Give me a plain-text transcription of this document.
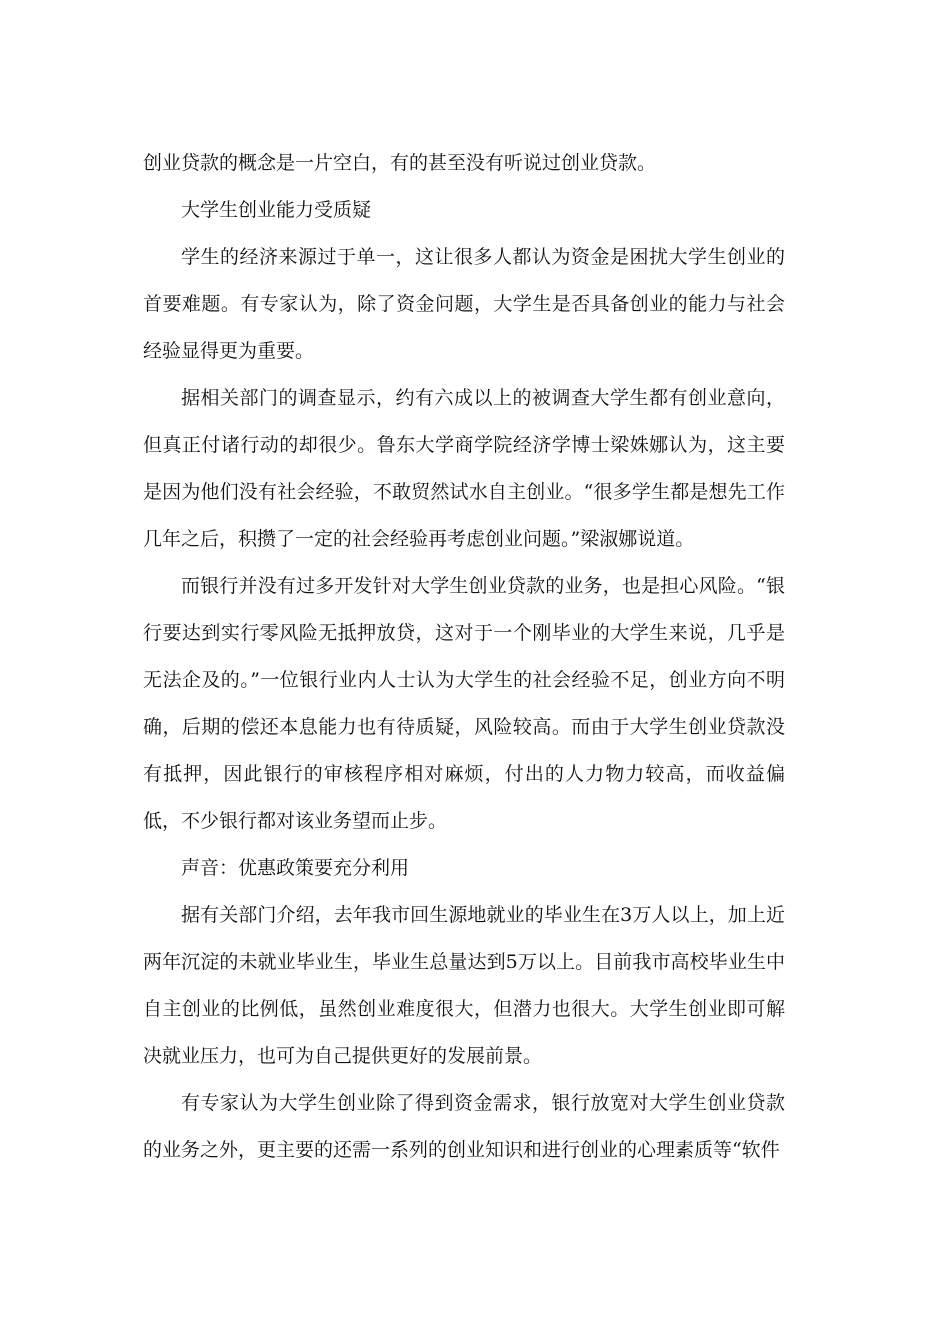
创业贷款的概念是一片空白，有的甚至没有听说过创业贷款。

大学生创业能力受质疑

学生的经济来源过于单一，这让很多人都认为资金是困扰大学生创业的首要难题。有专家认为，除了资金问题，大学生是否具备创业的能力与社会经验显得更为重要。

据相关部门的调查显示，约有六成以上的被调查大学生都有创业意向，但真正付诸行动的却很少。鲁东大学商学院经济学博士梁姝娜认为，这主要是因为他们没有社会经验，不敢贸然试水自主创业。“很多学生都是想先工作几年之后，积攒了一定的社会经验再考虑创业问题。”梁淑娜说道。

而银行并没有过多开发针对大学生创业贷款的业务，也是担心风险。“银行要达到实行零风险无抵押放贷，这对于一个刚毕业的大学生来说，几乎是无法企及的。”一位银行业内人士认为大学生的社会经验不足，创业方向不明确，后期的偿还本息能力也有待质疑，风险较高。而由于大学生创业贷款没有抵押，因此银行的审核程序相对麻烦，付出的人力物力较高，而收益偏低，不少银行都对该业务望而止步。

声音：优惠政策要充分利用

据有关部门介绍，去年我市回生源地就业的毕业生在3万人以上，加上近两年沉淀的未就业毕业生，毕业生总量达到5万以上。目前我市高校毕业生中自主创业的比例低，虽然创业难度很大，但潜力也很大。大学生创业即可解决就业压力，也可为自己提供更好的发展前景。

有专家认为大学生创业除了得到资金需求，银行放宽对大学生创业贷款的业务之外，更主要的还需一系列的创业知识和进行创业的心理素质等“软件
